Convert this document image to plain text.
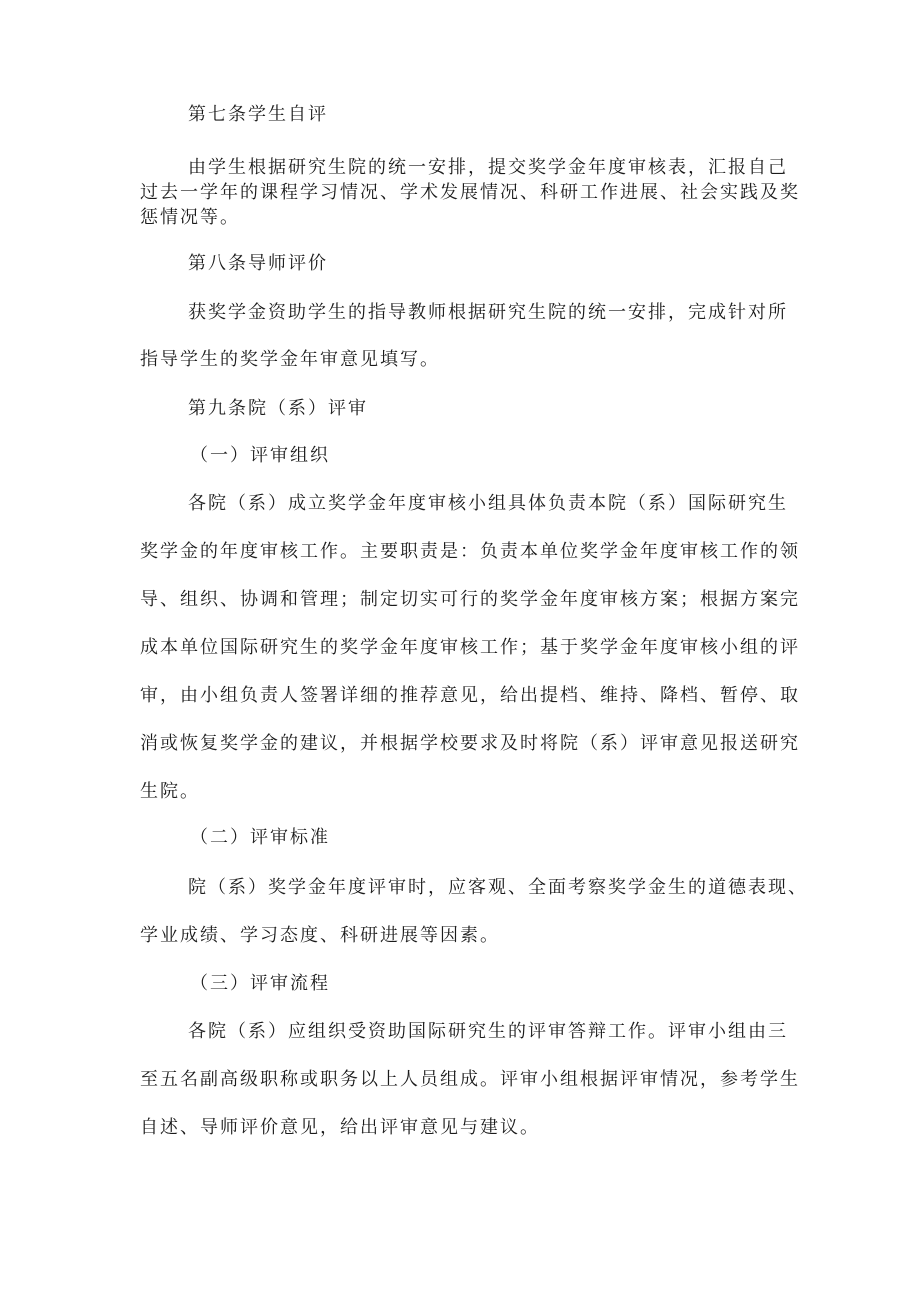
第七条学生自评
由学生根据研究生院的统一安排，提交奖学金年度审核表，汇报自己
过去一学年的课程学习情况、学术发展情况、科研工作进展、社会实践及奖
惩情况等。
第八条导师评价
获奖学金资助学生的指导教师根据研究生院的统一安排，完成针对所
指导学生的奖学金年审意见填写。
第九条院（系）评审
（一）评审组织
各院（系）成立奖学金年度审核小组具体负责本院（系）国际研究生
奖学金的年度审核工作。主要职责是：负责本单位奖学金年度审核工作的领
导、组织、协调和管理；制定切实可行的奖学金年度审核方案；根据方案完
成本单位国际研究生的奖学金年度审核工作；基于奖学金年度审核小组的评
审，由小组负责人签署详细的推荐意见，给出提档、维持、降档、暂停、取
消或恢复奖学金的建议，并根据学校要求及时将院（系）评审意见报送研究
生院。
（二）评审标准
院（系）奖学金年度评审时，应客观、全面考察奖学金生的道德表现、
学业成绩、学习态度、科研进展等因素。
（三）评审流程
各院（系）应组织受资助国际研究生的评审答辩工作。评审小组由三
至五名副高级职称或职务以上人员组成。评审小组根据评审情况，参考学生
自述、导师评价意见，给出评审意见与建议。
